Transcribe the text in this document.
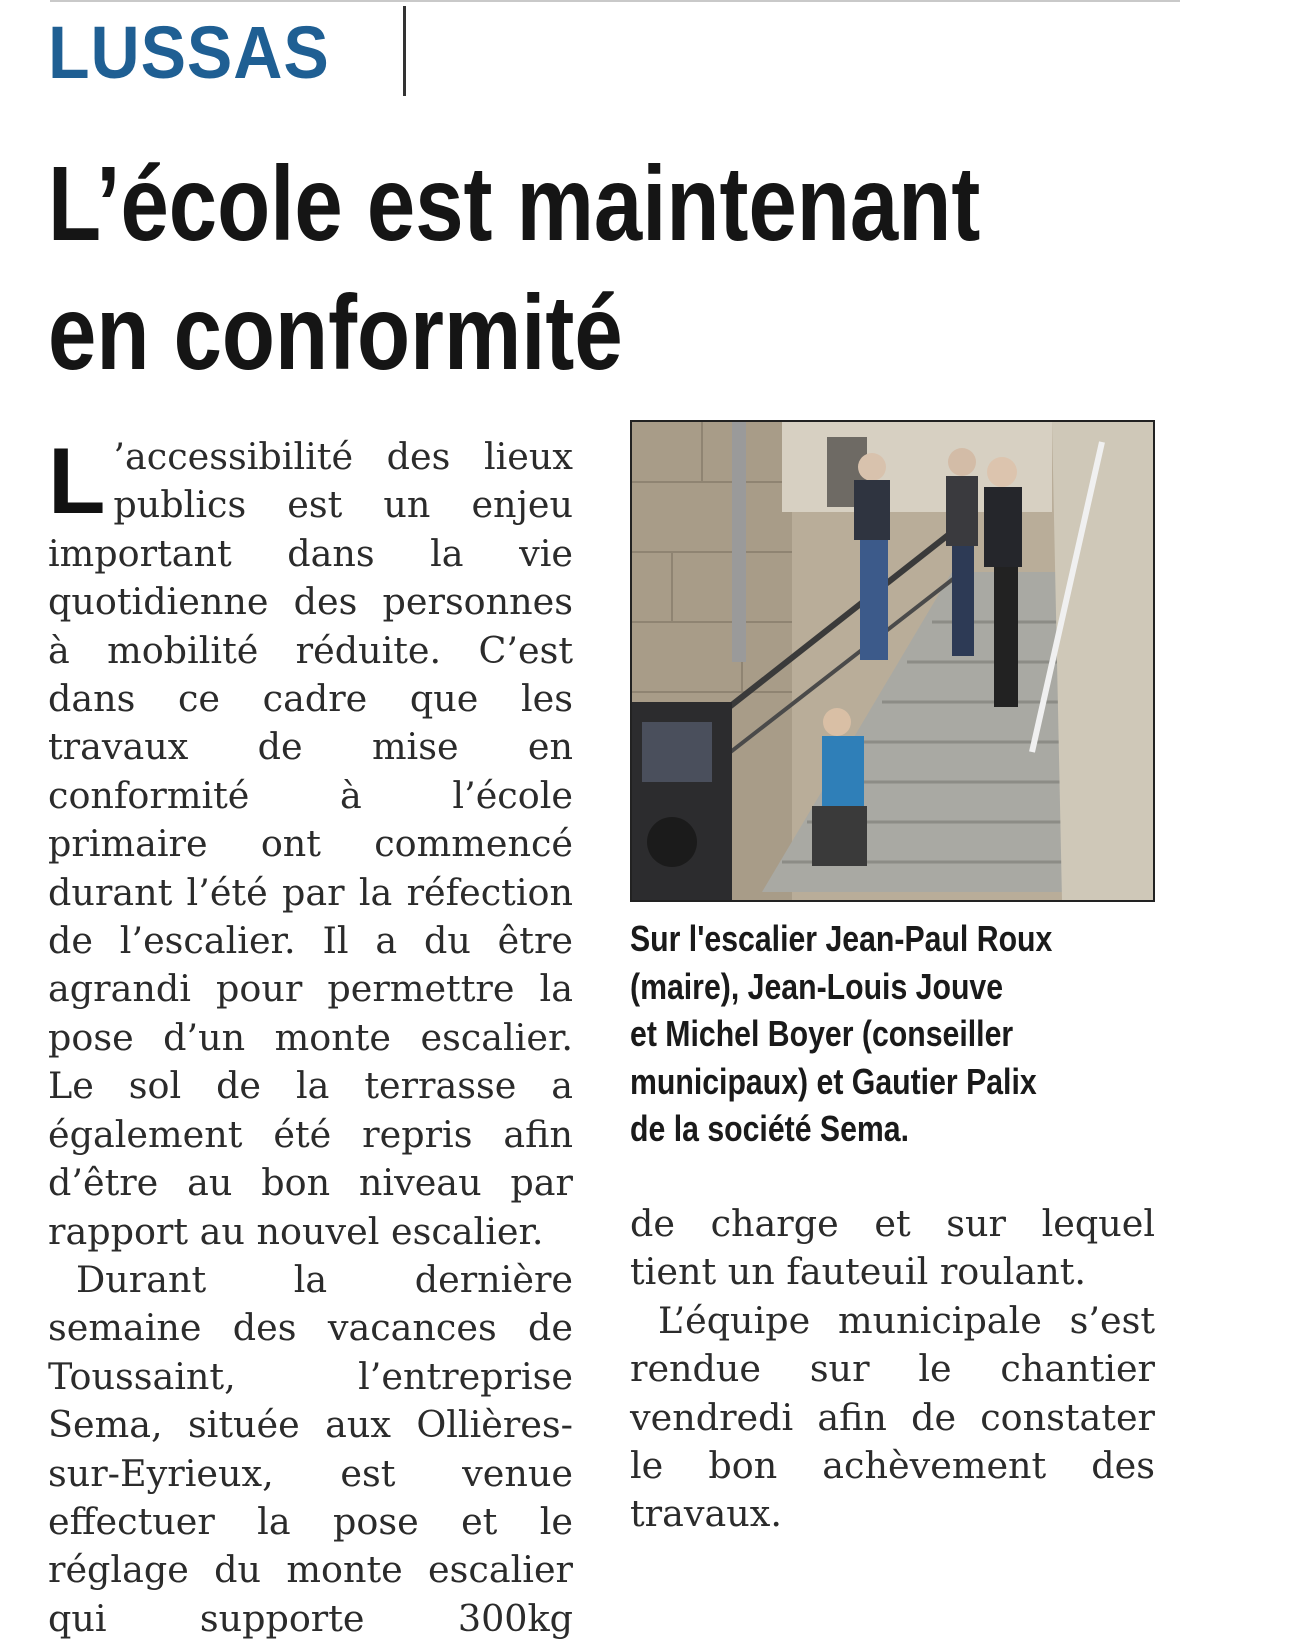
LUSSAS
L’école est maintenant
en conformité

L ’accessibilité des lieux publics est un enjeu important dans la vie quotidienne des personnes à mobilité réduite. C’est dans ce cadre que les travaux de mise en conformité à l’école primaire ont commencé durant l’été par la réfection de l’escalier. Il a du être agrandi pour permettre la pose d’un monte escalier. Le sol de la terrasse a également été repris afin d’être au bon niveau par rapport au nouvel escalier.

Durant la dernière semaine des vacances de Toussaint, l’entreprise Sema, située aux Ollières-sur-Eyrieux, est venue effectuer la pose et le réglage du monte escalier qui supporte 300kg

Sur l'escalier Jean-Paul Roux
(maire), Jean-Louis Jouve
et Michel Boyer (conseiller
municipaux) et Gautier Palix
de la société Sema.

de charge et sur lequel tient un fauteuil roulant.

L’équipe municipale s’est rendue sur le chantier vendredi afin de constater le bon achèvement des travaux.
